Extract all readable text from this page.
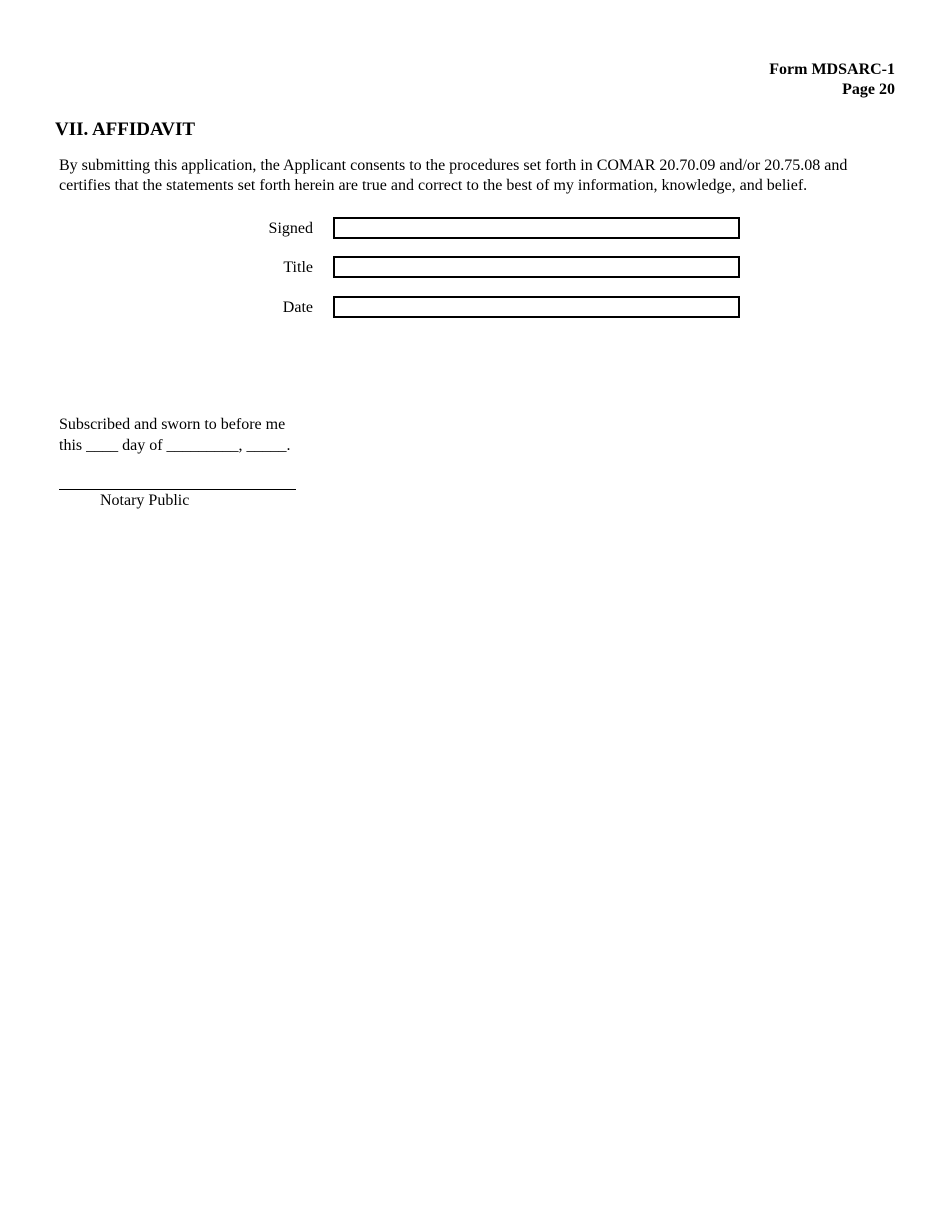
Form MDSARC-1
Page 20
VII. AFFIDAVIT

By submitting this application, the Applicant consents to the procedures set forth in COMAR 20.70.09 and/or 20.75.08 and certifies that the statements set forth herein are true and correct to the best of my information, knowledge, and belief.

Signed
Title
Date
Subscribed and sworn to before me
this ____ day of _________, _____.
Notary Public
